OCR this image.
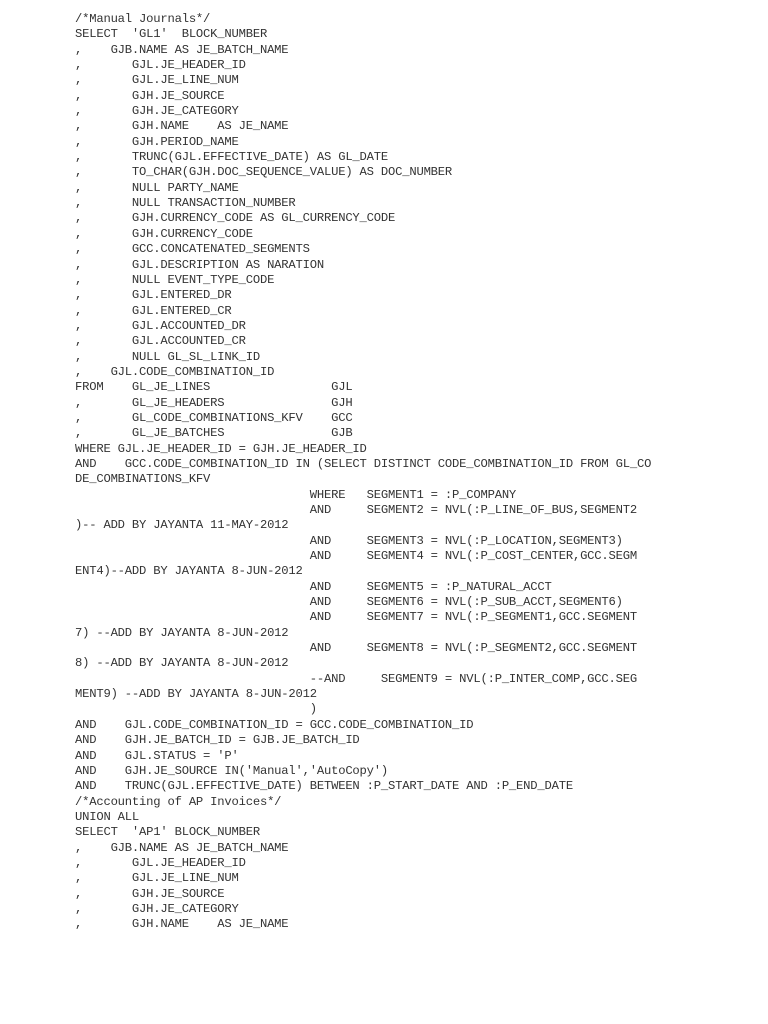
/*Manual Journals*/
SELECT  'GL1'  BLOCK_NUMBER
,    GJB.NAME AS JE_BATCH_NAME
,       GJL.JE_HEADER_ID
,       GJL.JE_LINE_NUM
,       GJH.JE_SOURCE
,       GJH.JE_CATEGORY
,       GJH.NAME    AS JE_NAME
,       GJH.PERIOD_NAME
,       TRUNC(GJL.EFFECTIVE_DATE) AS GL_DATE
,       TO_CHAR(GJH.DOC_SEQUENCE_VALUE) AS DOC_NUMBER
,       NULL PARTY_NAME
,       NULL TRANSACTION_NUMBER
,       GJH.CURRENCY_CODE AS GL_CURRENCY_CODE
,       GJH.CURRENCY_CODE
,       GCC.CONCATENATED_SEGMENTS
,       GJL.DESCRIPTION AS NARATION
,       NULL EVENT_TYPE_CODE
,       GJL.ENTERED_DR
,       GJL.ENTERED_CR
,       GJL.ACCOUNTED_DR
,       GJL.ACCOUNTED_CR
,       NULL GL_SL_LINK_ID
,    GJL.CODE_COMBINATION_ID
FROM    GL_JE_LINES                 GJL
,       GL_JE_HEADERS               GJH
,       GL_CODE_COMBINATIONS_KFV    GCC
,       GL_JE_BATCHES               GJB
WHERE GJL.JE_HEADER_ID = GJH.JE_HEADER_ID
AND    GCC.CODE_COMBINATION_ID IN (SELECT DISTINCT CODE_COMBINATION_ID FROM GL_CO
DE_COMBINATIONS_KFV
WHERE   SEGMENT1 = :P_COMPANY
AND     SEGMENT2 = NVL(:P_LINE_OF_BUS,SEGMENT2
)-- ADD BY JAYANTA 11-MAY-2012
AND     SEGMENT3 = NVL(:P_LOCATION,SEGMENT3)
AND     SEGMENT4 = NVL(:P_COST_CENTER,GCC.SEGM
ENT4)--ADD BY JAYANTA 8-JUN-2012
AND     SEGMENT5 = :P_NATURAL_ACCT
AND     SEGMENT6 = NVL(:P_SUB_ACCT,SEGMENT6)
AND     SEGMENT7 = NVL(:P_SEGMENT1,GCC.SEGMENT
7) --ADD BY JAYANTA 8-JUN-2012
AND     SEGMENT8 = NVL(:P_SEGMENT2,GCC.SEGMENT
8) --ADD BY JAYANTA 8-JUN-2012
--AND     SEGMENT9 = NVL(:P_INTER_COMP,GCC.SEG
MENT9) --ADD BY JAYANTA 8-JUN-2012
)
AND    GJL.CODE_COMBINATION_ID = GCC.CODE_COMBINATION_ID
AND    GJH.JE_BATCH_ID = GJB.JE_BATCH_ID
AND    GJL.STATUS = 'P'
AND    GJH.JE_SOURCE IN('Manual','AutoCopy')
AND    TRUNC(GJL.EFFECTIVE_DATE) BETWEEN :P_START_DATE AND :P_END_DATE
/*Accounting of AP Invoices*/
UNION ALL
SELECT  'AP1' BLOCK_NUMBER
,    GJB.NAME AS JE_BATCH_NAME
,       GJL.JE_HEADER_ID
,       GJL.JE_LINE_NUM
,       GJH.JE_SOURCE
,       GJH.JE_CATEGORY
,       GJH.NAME    AS JE_NAME
